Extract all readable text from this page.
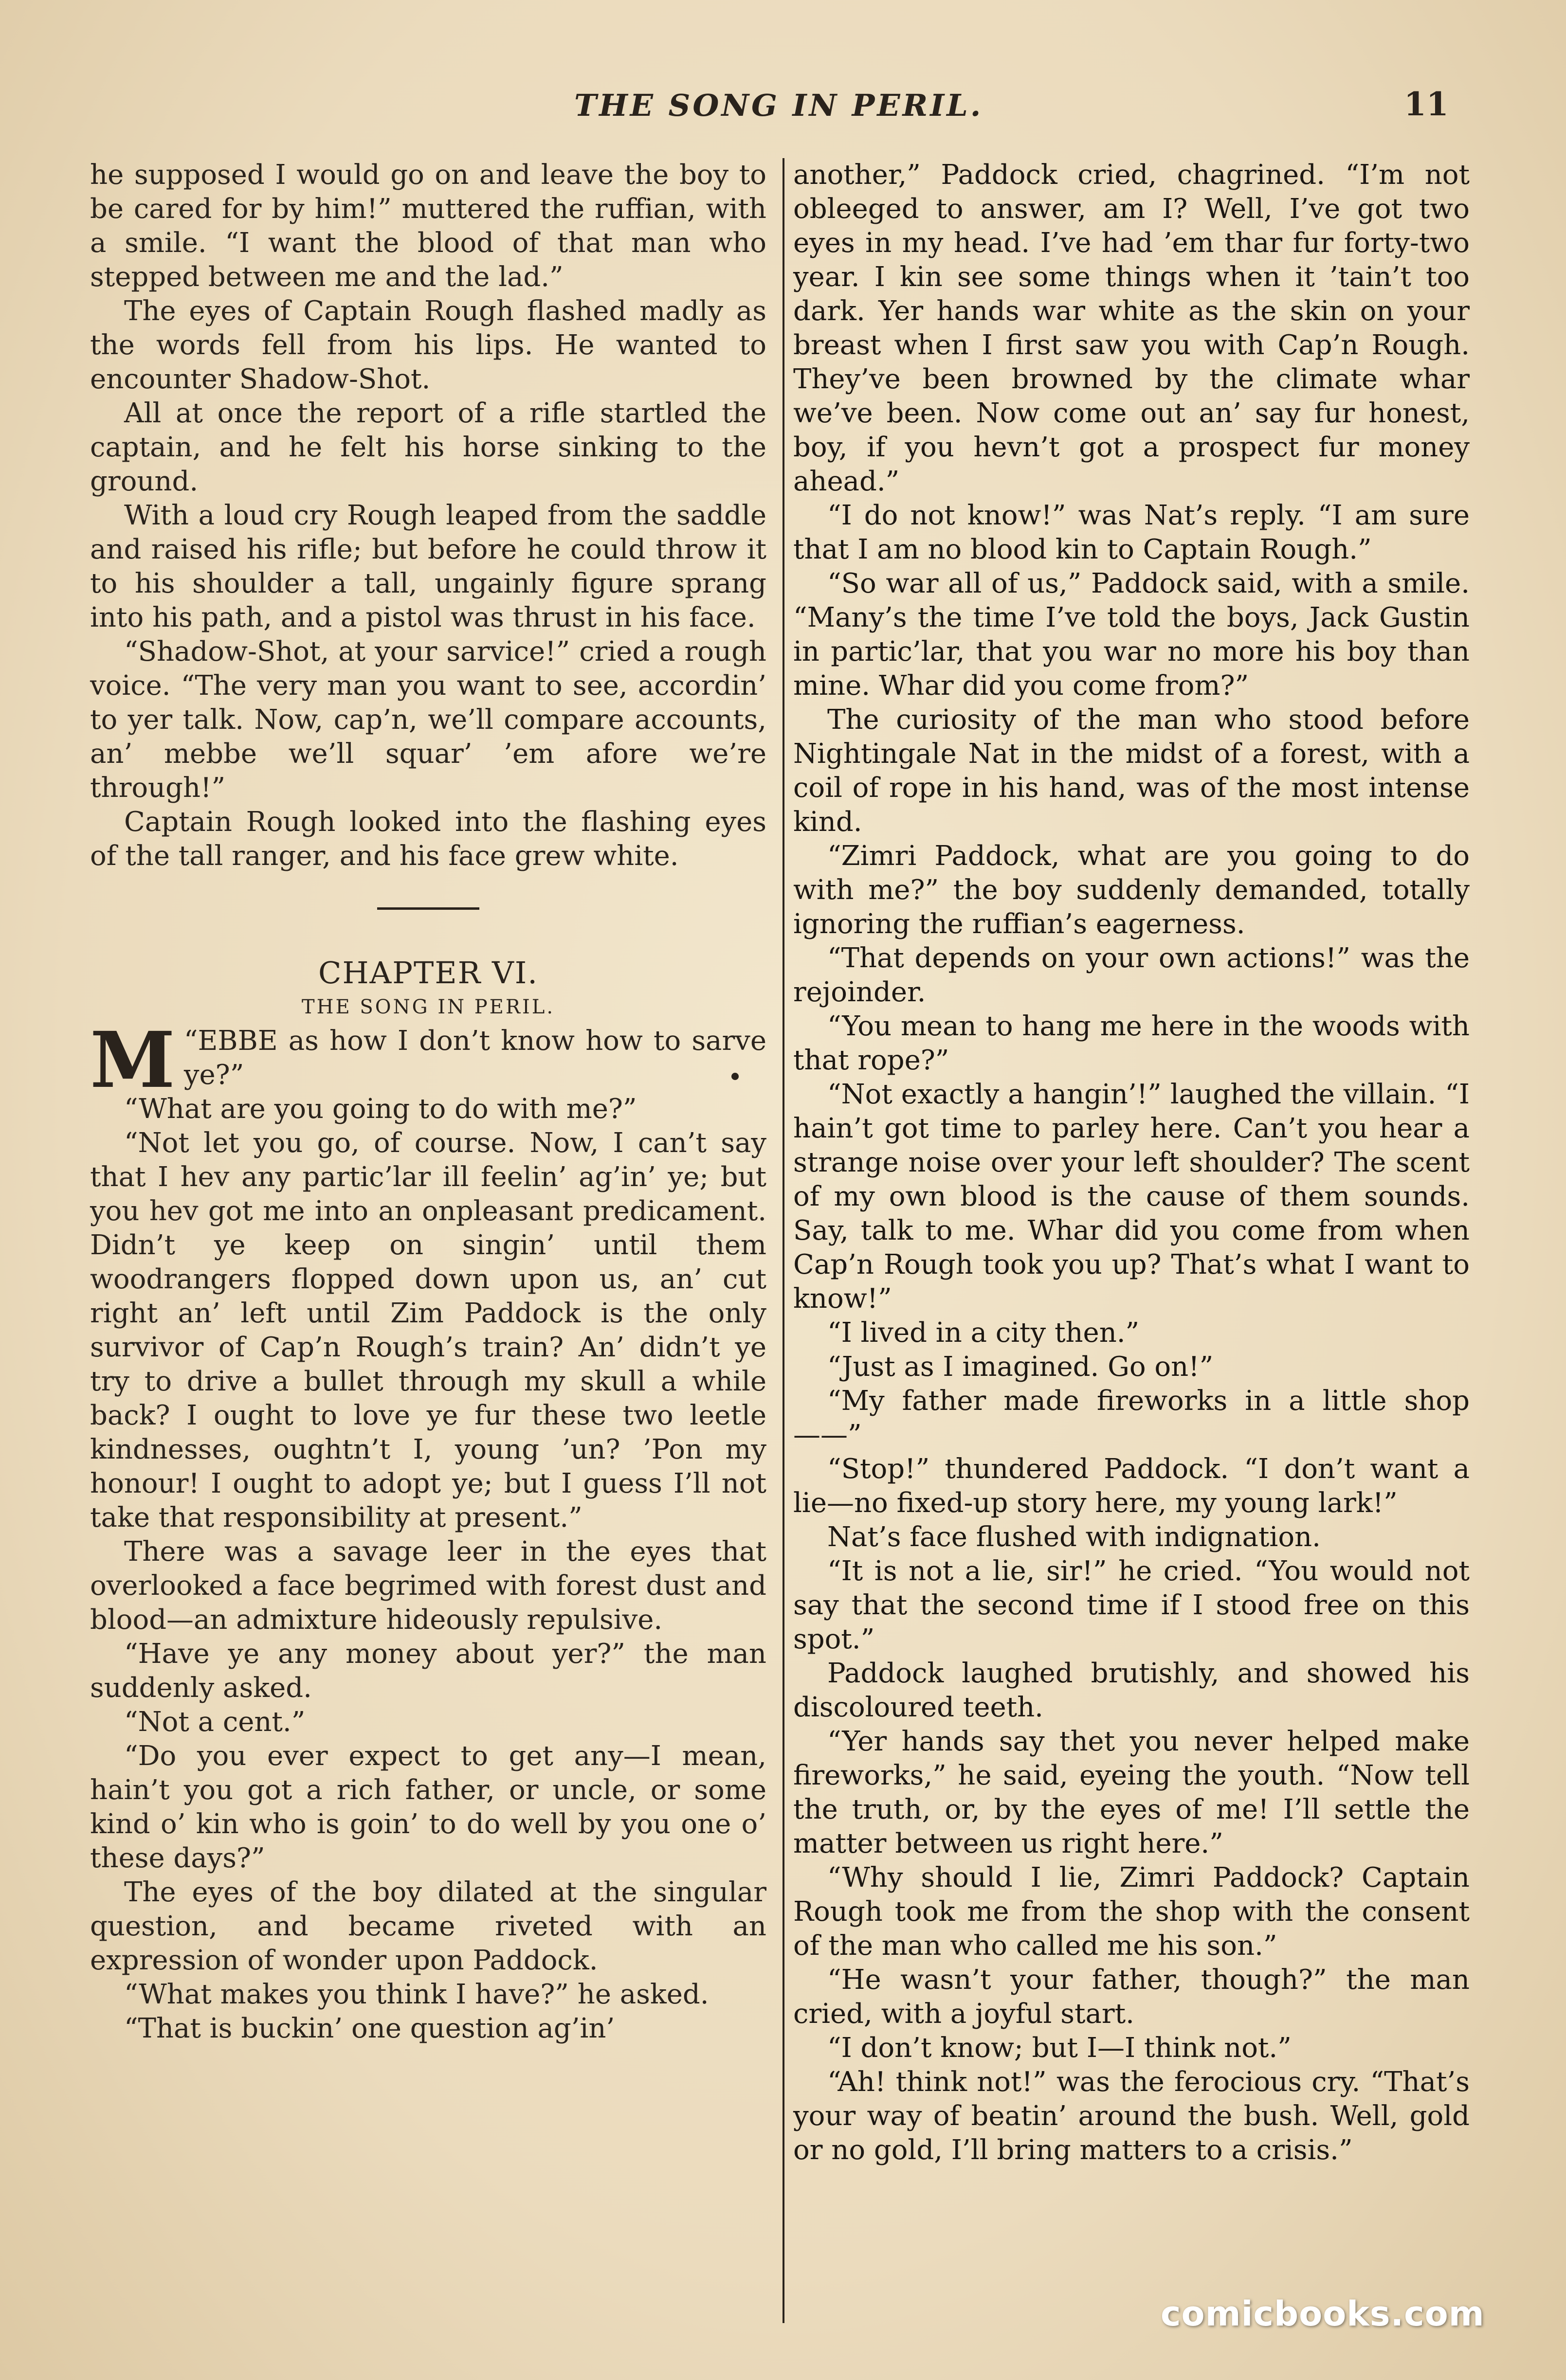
THE SONG IN PERIL.	11

he supposed I would go on and leave the boy to be cared for by him!” muttered the ruffian, with a smile. “I want the blood of that man who stepped between me and the lad.”

The eyes of Captain Rough flashed madly as the words fell from his lips. He wanted to encounter Shadow-Shot.

All at once the report of a rifle startled the captain, and he felt his horse sinking to the ground.

With a loud cry Rough leaped from the saddle and raised his rifle; but before he could throw it to his shoulder a tall, ungainly figure sprang into his path, and a pistol was thrust in his face.

“Shadow-Shot, at your sarvice!” cried a rough voice. “The very man you want to see, accordin’ to yer talk. Now, cap’n, we’ll compare accounts, an’ mebbe we’ll squar’ ’em afore we’re through!”

Captain Rough looked into the flashing eyes of the tall ranger, and his face grew white.

CHAPTER VI.

THE SONG IN PERIL.

“
M EBBE as how I don’t know how to sarve ye?”

“What are you going to do with me?”

“Not let you go, of course. Now, I can’t say that I hev any partic’lar ill feelin’ ag’in’ ye; but you hev got me into an onpleasant predicament. Didn’t ye keep on singin’ until them woodrangers flopped down upon us, an’ cut right an’ left until Zim Paddock is the only survivor of Cap’n Rough’s train? An’ didn’t ye try to drive a bullet through my skull a while back? I ought to love ye fur these two leetle kindnesses, oughtn’t I, young ’un? ’Pon my honour! I ought to adopt ye; but I guess I’ll not take that responsibility at present.”

There was a savage leer in the eyes that overlooked a face begrimed with forest dust and blood—an admixture hideously repulsive.

“Have ye any money about yer?” the man suddenly asked.

“Not a cent.”

“Do you ever expect to get any—I mean, hain’t you got a rich father, or uncle, or some kind o’ kin who is goin’ to do well by you one o’ these days?”

The eyes of the boy dilated at the singular question, and became riveted with an expression of wonder upon Paddock.

“What makes you think I have?” he asked.

“That is buckin’ one question ag’in’

another,” Paddock cried, chagrined. “I’m not obleeged to answer, am I? Well, I’ve got two eyes in my head. I’ve had ’em thar fur forty-two year. I kin see some things when it ’tain’t too dark. Yer hands war white as the skin on your breast when I first saw you with Cap’n Rough. They’ve been browned by the climate whar we’ve been. Now come out an’ say fur honest, boy, if you hevn’t got a prospect fur money ahead.”

“I do not know!” was Nat’s reply. “I am sure that I am no blood kin to Captain Rough.”

“So war all of us,” Paddock said, with a smile. “Many’s the time I’ve told the boys, Jack Gustin in partic’lar, that you war no more his boy than mine. Whar did you come from?”

The curiosity of the man who stood before Nightingale Nat in the midst of a forest, with a coil of rope in his hand, was of the most intense kind.

“Zimri Paddock, what are you going to do with me?” the boy suddenly demanded, totally ignoring the ruffian’s eagerness.

“That depends on your own actions!” was the rejoinder.

“You mean to hang me here in the woods with that rope?”

“Not exactly a hangin’!” laughed the villain. “I hain’t got time to parley here. Can’t you hear a strange noise over your left shoulder? The scent of my own blood is the cause of them sounds. Say, talk to me. Whar did you come from when Cap’n Rough took you up? That’s what I want to know!”

“I lived in a city then.”

“Just as I imagined. Go on!”

“My father made fireworks in a little shop——”

“Stop!” thundered Paddock. “I don’t want a lie—no fixed-up story here, my young lark!”

Nat’s face flushed with indignation.

“It is not a lie, sir!” he cried. “You would not say that the second time if I stood free on this spot.”

Paddock laughed brutishly, and showed his discoloured teeth.

“Yer hands say thet you never helped make fireworks,” he said, eyeing the youth. “Now tell the truth, or, by the eyes of me! I’ll settle the matter between us right here.”

“Why should I lie, Zimri Paddock? Captain Rough took me from the shop with the consent of the man who called me his son.”

“He wasn’t your father, though?” the man cried, with a joyful start.

“I don’t know; but I—I think not.”

“Ah! think not!” was the ferocious cry. “That’s your way of beatin’ around the bush. Well, gold or no gold, I’ll bring matters to a crisis.”

comicbooks.com
